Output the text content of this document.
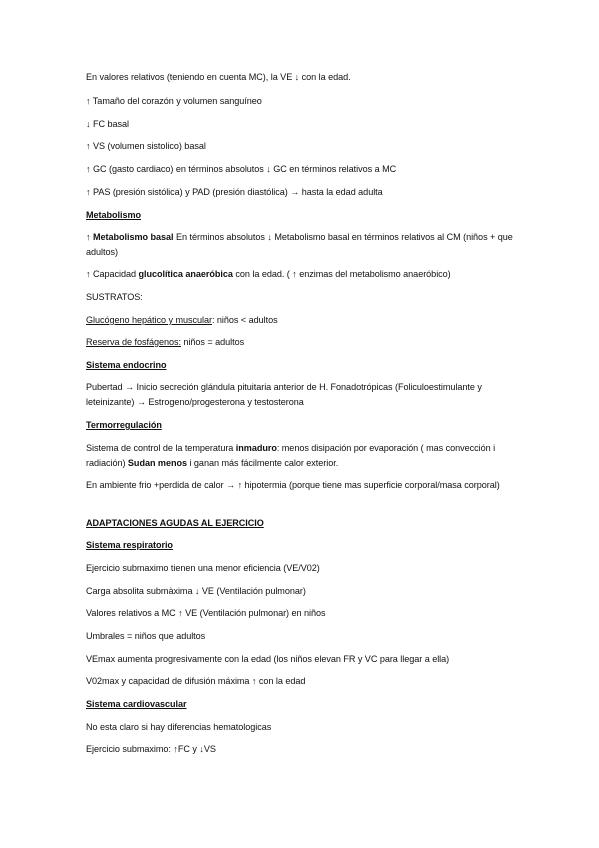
En valores relativos (teniendo en cuenta MC), la VE ↓ con la edad.
↑ Tamaño del corazón y volumen sanguíneo
↓ FC basal
↑ VS (volumen sistolico) basal
↑ GC (gasto cardiaco) en términos absolutos ↓ GC en términos relativos a MC
↑ PAS (presión sistólica) y PAD (presión diastólica) → hasta la edad adulta
Metabolismo
↑ Metabolismo basal En términos absolutos ↓ Metabolismo basal en términos relativos al CM (niños + que adultos)
↑ Capacidad glucolítica anaeróbica con la edad. ( ↑ enzimas del metabolismo anaeróbico)
SUSTRATOS:
Glucógeno hepático y muscular: niños < adultos
Reserva de fosfágenos: niños = adultos
Sistema endocrino
Pubertad → Inicio secreción glándula pituitaria anterior de H. Fonadotrópicas (Foliculoestimulante y leteinizante) → Estrogeno/progesterona y testosterona
Termorregulación
Sistema de control de la temperatura inmaduro: menos disipación por evaporación ( mas convección i radiación) Sudan menos i ganan más fácilmente calor exterior.
En ambiente frio +perdida de calor → ↑ hipotermia (porque tiene mas superficie corporal/masa corporal)
ADAPTACIONES AGUDAS AL EJERCICIO
Sistema respiratorio
Ejercicio submaximo tienen una menor eficiencia (VE/V02)
Carga absolita submàxima ↓ VE (Ventilación pulmonar)
Valores relativos a MC ↑ VE (Ventilación pulmonar) en niños
Umbrales = niños que adultos
VEmax aumenta progresivamente con la edad (los niños elevan FR y VC para llegar a ella)
V02max y capacidad de difusión máxima ↑ con la edad
Sistema cardiovascular
No esta claro si hay diferencias hematologicas
Ejercicio submaximo: ↑FC y ↓VS
